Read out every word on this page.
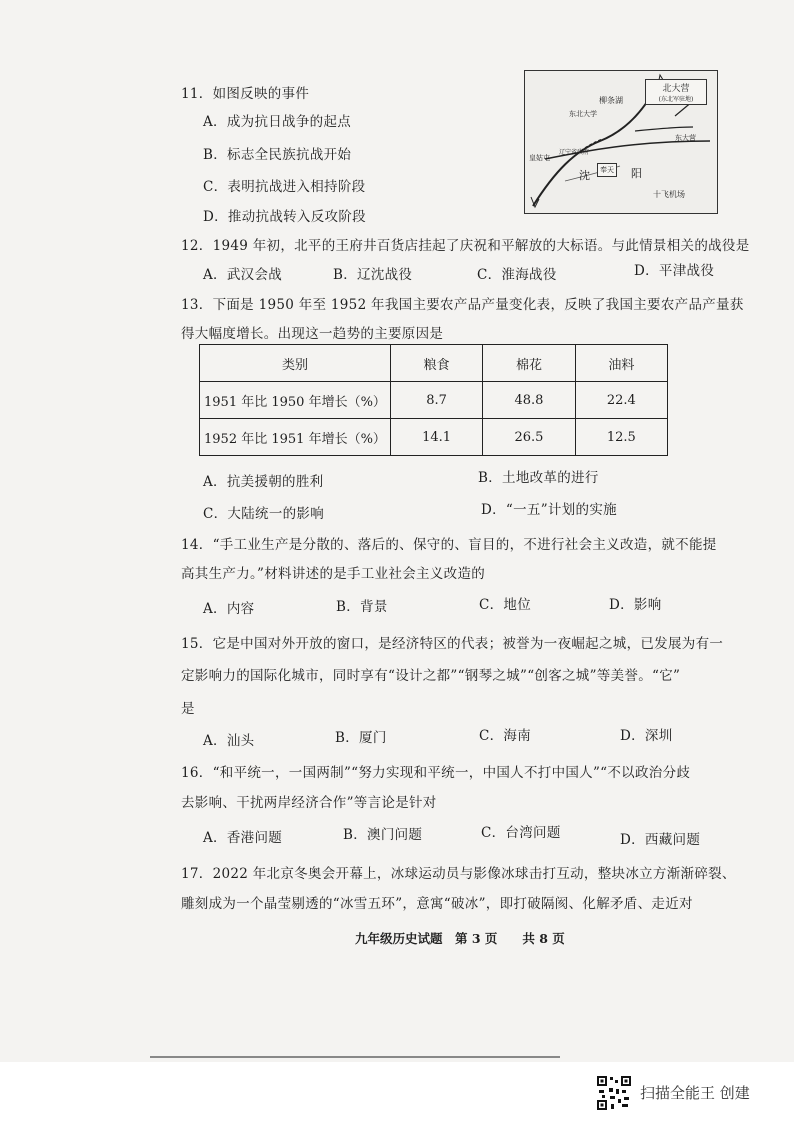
11．如图反映的事件
A．成为抗日战争的起点
B．标志全民族抗战开始
C．表明抗战进入相持阶段
D．推动抗战转入反攻阶段
北大营
(东北军驻地)
柳条湖
东北大学
皇姑屯
辽宁省政府
沈	奉天 阳
东大营
十飞机场
12．1949 年初，北平的王府井百货店挂起了庆祝和平解放的大标语。与此情景相关的战役是
A．武汉会战	B．辽沈战役	C．淮海战役	D．平津战役
13．下面是 1950 年至 1952 年我国主要农产品产量变化表，反映了我国主要农产品产量获
得大幅度增长。出现这一趋势的主要原因是
类别	粮食	棉花	油料
1951 年比 1950 年增长（%）	8.7	48.8	22.4
1952 年比 1951 年增长（%）	14.1	26.5	12.5
A．抗美援朝的胜利	B．土地改革的进行
C．大陆统一的影响	D．“一五”计划的实施
14．“手工业生产是分散的、落后的、保守的、盲目的，不进行社会主义改造，就不能提
高其生产力。”材料讲述的是手工业社会主义改造的
A．内容	B．背景	C．地位	D．影响
15．它是中国对外开放的窗口，是经济特区的代表；被誉为一夜崛起之城，已发展为有一
定影响力的国际化城市，同时享有“设计之都”“钢琴之城”“创客之城”等美誉。“它”
是
A．汕头	B．厦门	C．海南	D．深圳
16．“和平统一，一国两制”“努力实现和平统一，中国人不打中国人”“不以政治分歧
去影响、干扰两岸经济合作”等言论是针对
A．香港问题	B．澳门问题	C．台湾问题	D．西藏问题
17．2022 年北京冬奥会开幕上，冰球运动员与影像冰球击打互动，整块冰立方渐渐碎裂、
雕刻成为一个晶莹剔透的“冰雪五环”，意寓“破冰”，即打破隔阂、化解矛盾、走近对
九年级历史试题　第 3 页　　共 8 页
扫描全能王 创建
